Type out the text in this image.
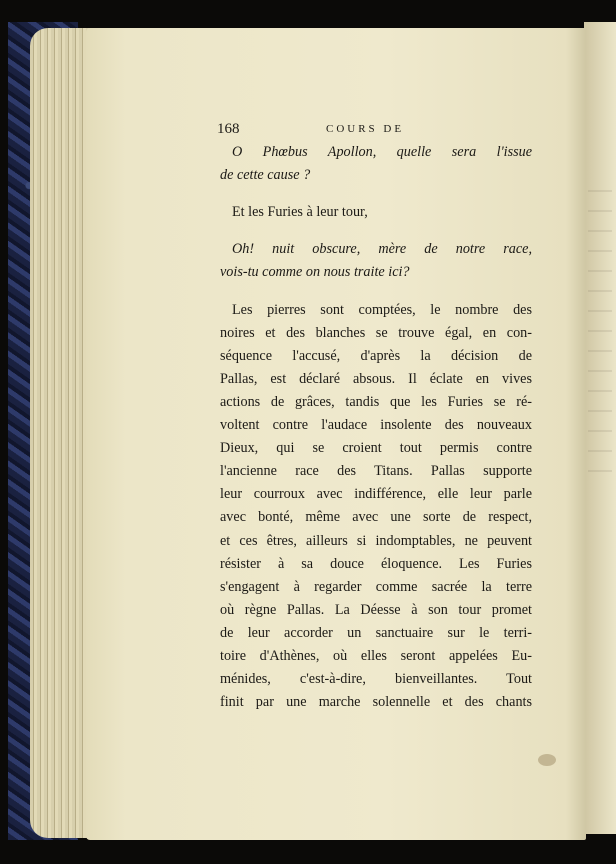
168	COURS DE
O Phœbus Apollon, quelle sera l'issue
de cette cause ?
Et les Furies à leur tour,
Oh! nuit obscure, mère de notre race,
vois-tu comme on nous traite ici?
Les pierres sont comptées, le nombre des
noires et des blanches se trouve égal, en con-
séquence l'accusé, d'après la décision de
Pallas, est déclaré absous. Il éclate en vives
actions de grâces, tandis que les Furies se ré-
voltent contre l'audace insolente des nouveaux
Dieux, qui se croient tout permis contre
l'ancienne race des Titans. Pallas supporte
leur courroux avec indifférence, elle leur parle
avec bonté, même avec une sorte de respect,
et ces êtres, ailleurs si indomptables, ne peuvent
résister à sa douce éloquence. Les Furies
s'engagent à regarder comme sacrée la terre
où règne Pallas. La Déesse à son tour promet
de leur accorder un sanctuaire sur le terri-
toire d'Athènes, où elles seront appelées Eu-
ménides, c'est-à-dire, bienveillantes. Tout
finit par une marche solennelle et des chants
